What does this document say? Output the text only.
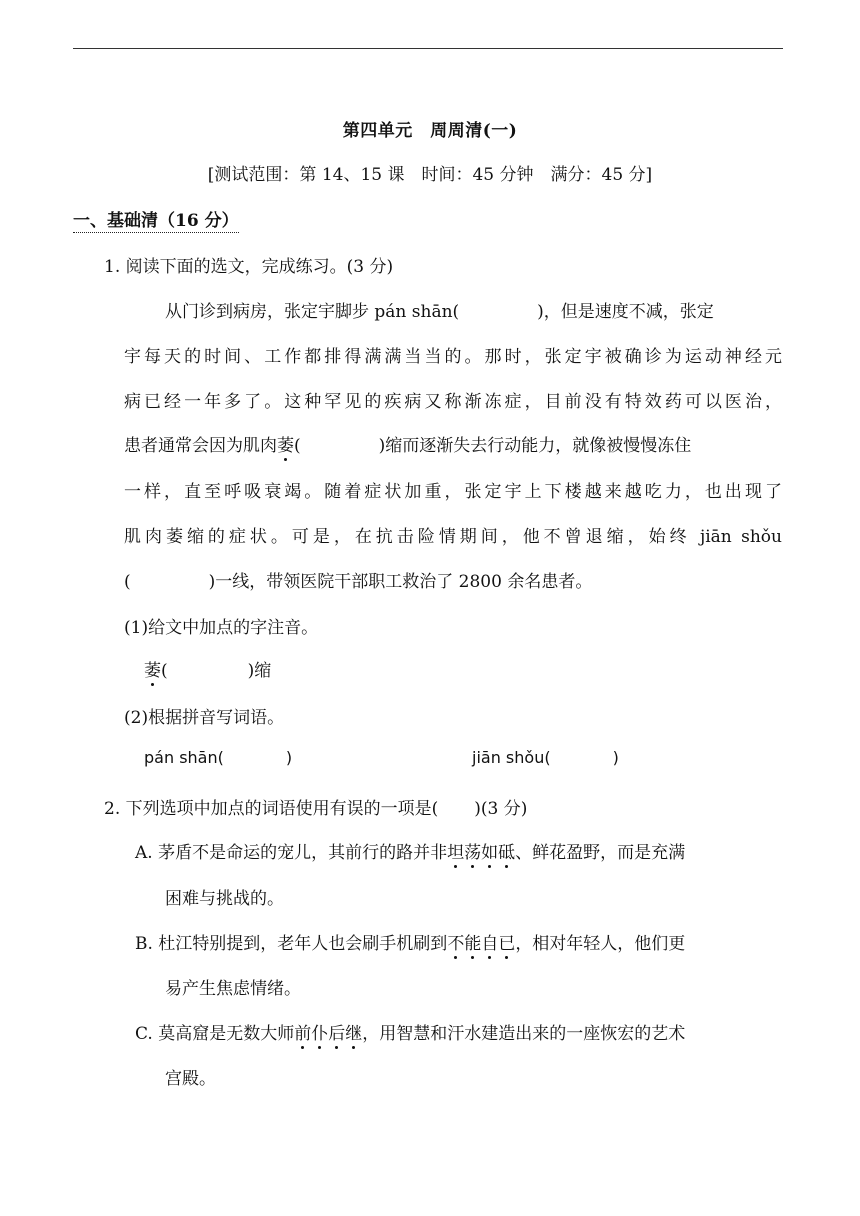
第四单元　周周清(一)
[测试范围：第 14、15 课　时间：45 分钟　满分：45 分]
一、基础清（16 分）
1. 阅读下面的选文，完成练习。(3 分)
从门诊到病房，张定宇脚步 pán shān(	)，但是速度不减，张定
宇每天的时间、工作都排得满满当当的。那时，张定宇被确诊为运动神经元
病已经一年多了。这种罕见的疾病又称渐冻症，目前没有特效药可以医治，
患者通常会因为肌肉萎(	)缩而逐渐失去行动能力，就像被慢慢冻住
一样，直至呼吸衰竭。随着症状加重，张定宇上下楼越来越吃力，也出现了
肌肉萎缩的症状。可是，在抗击险情期间，他不曾退缩，始终 jiān shǒu
(	)一线，带领医院干部职工救治了 2800 余名患者。
(1)给文中加点的字注音。
萎(	)缩
(2)根据拼音写词语。
pán shān(	)	jiān shǒu(	)
2. 下列选项中加点的词语使用有误的一项是( )(3 分)
A. 茅盾不是命运的宠儿，其前行的路并非坦荡如砥、鲜花盈野，而是充满
困难与挑战的。
B. 杜江特别提到，老年人也会刷手机刷到不能自已，相对年轻人，他们更
易产生焦虑情绪。
C. 莫高窟是无数大师前仆后继，用智慧和汗水建造出来的一座恢宏的艺术
宫殿。
